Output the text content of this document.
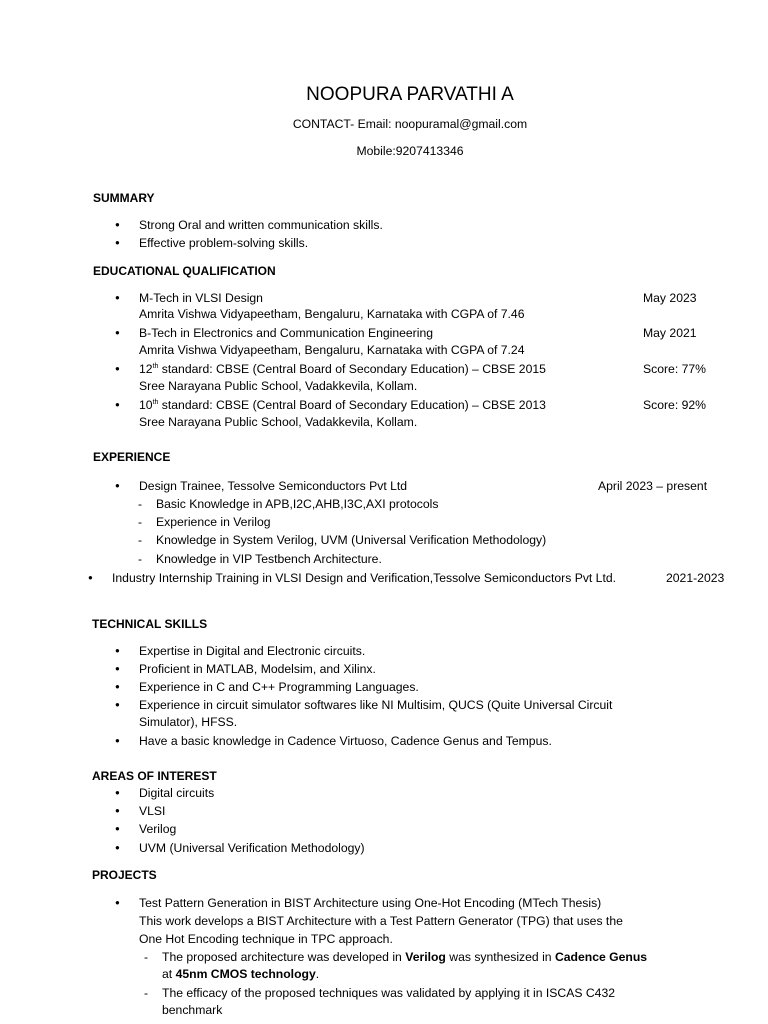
NOOPURA PARVATHI A
CONTACT- Email: noopuramal@gmail.com
Mobile:9207413346
SUMMARY
● Strong Oral and written communication skills.
● Effective problem-solving skills.
EDUCATIONAL QUALIFICATION
● M-Tech in VLSI Design	May 2023
Amrita Vishwa Vidyapeetham, Bengaluru, Karnataka with CGPA of 7.46
● B-Tech in Electronics and Communication Engineering	May 2021
Amrita Vishwa Vidyapeetham, Bengaluru, Karnataka with CGPA of 7.24
● 12th standard: CBSE (Central Board of Secondary Education) – CBSE 2015	Score: 77%
Sree Narayana Public School, Vadakkevila, Kollam.
● 10th standard: CBSE (Central Board of Secondary Education) – CBSE 2013	Score: 92%
Sree Narayana Public School, Vadakkevila, Kollam.
EXPERIENCE
● Design Trainee, Tessolve Semiconductors Pvt Ltd	April 2023 – present
- Basic Knowledge in APB,I2C,AHB,I3C,AXI protocols
- Experience in Verilog
- Knowledge in System Verilog, UVM (Universal Verification Methodology)
- Knowledge in VIP Testbench Architecture.
● Industry Internship Training in VLSI Design and Verification,Tessolve Semiconductors Pvt Ltd.	2021-2023
TECHNICAL SKILLS
● Expertise in Digital and Electronic circuits.
● Proficient in MATLAB, Modelsim, and Xilinx.
● Experience in C and C++ Programming Languages.
● Experience in circuit simulator softwares like NI Multisim, QUCS (Quite Universal Circuit
Simulator), HFSS.
● Have a basic knowledge in Cadence Virtuoso, Cadence Genus and Tempus.
AREAS OF INTEREST
● Digital circuits
● VLSI
● Verilog
● UVM (Universal Verification Methodology)
PROJECTS
● Test Pattern Generation in BIST Architecture using One-Hot Encoding (MTech Thesis)
This work develops a BIST Architecture with a Test Pattern Generator (TPG) that uses the
One Hot Encoding technique in TPC approach.
- The proposed architecture was developed in Verilog was synthesized in Cadence Genus
at 45nm CMOS technology.
- The efficacy of the proposed techniques was validated by applying it in ISCAS C432
benchmark
